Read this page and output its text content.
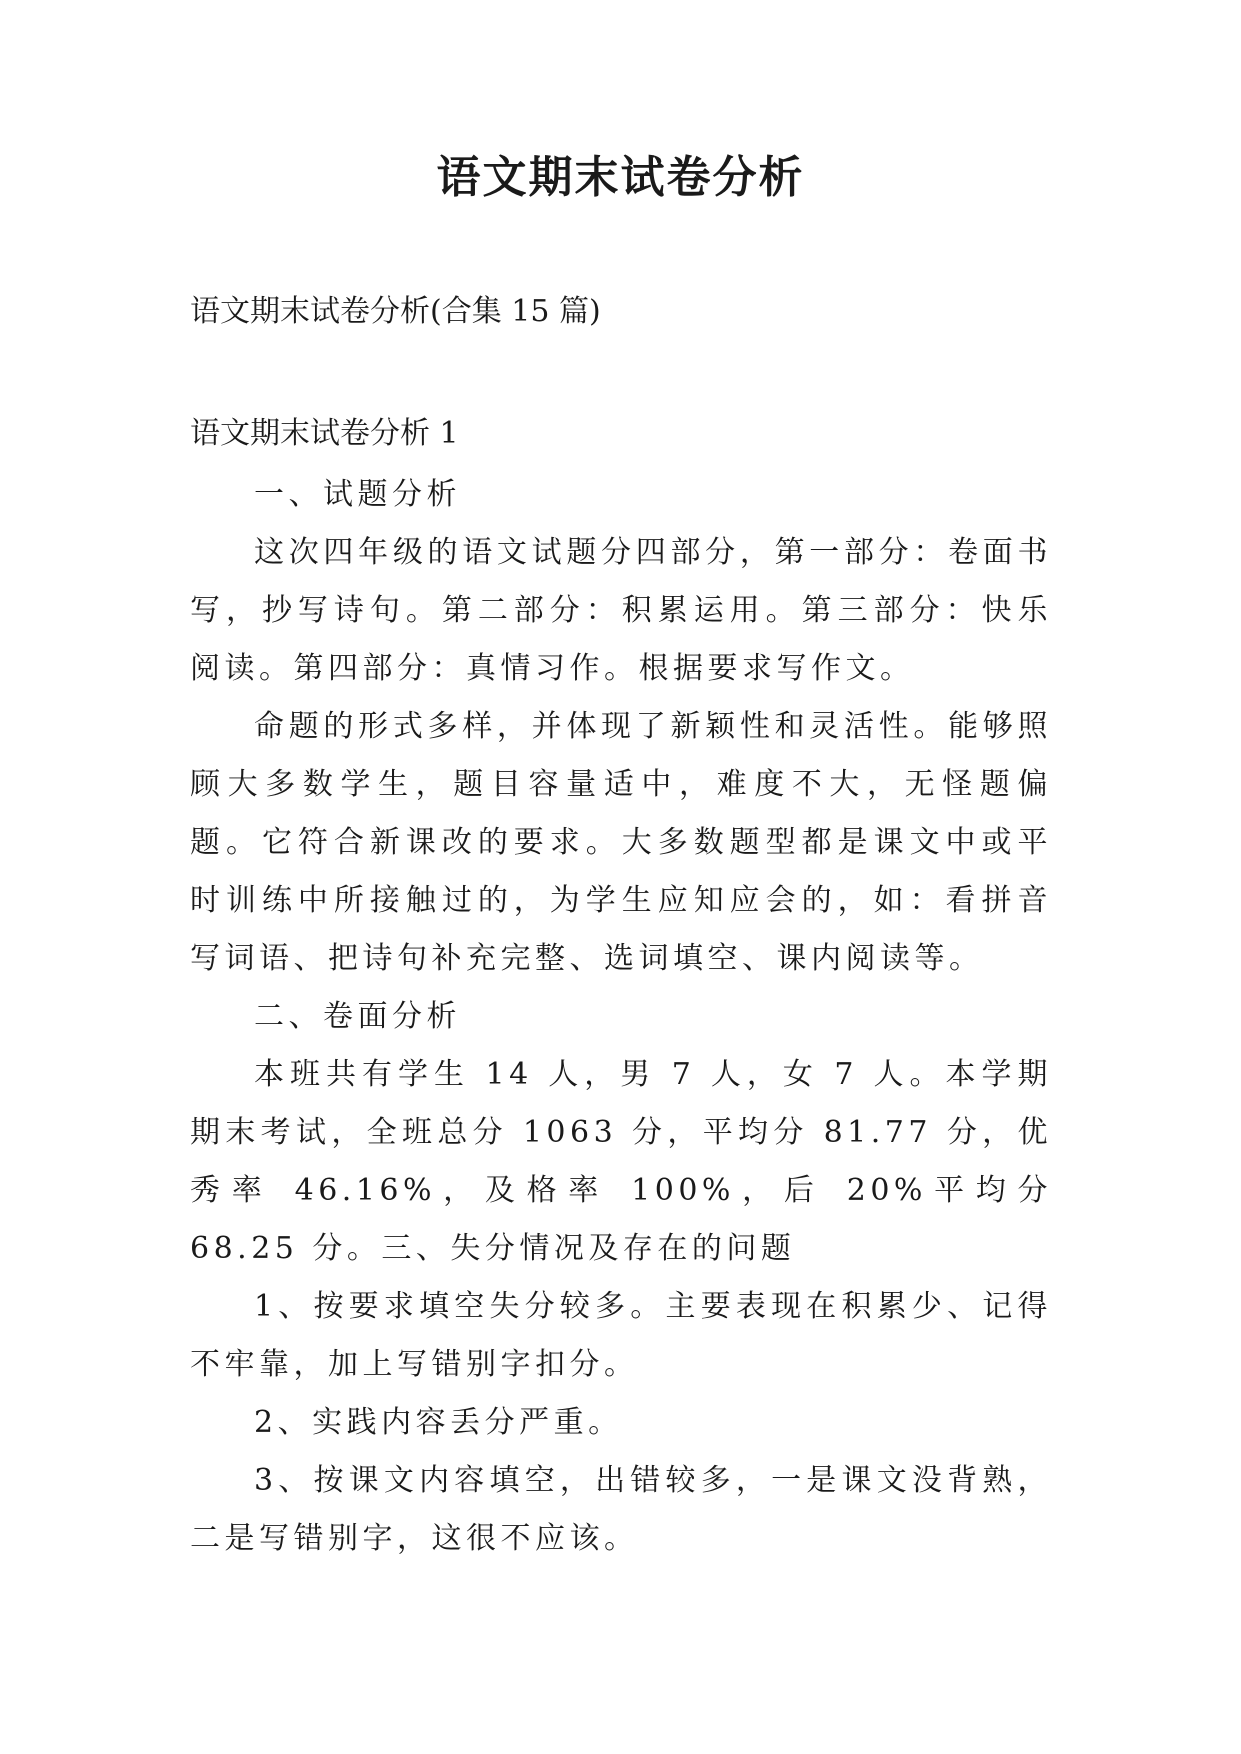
语文期末试卷分析

语文期末试卷分析(合集 15 篇)

语文期末试卷分析 1

一、试题分析

这次四年级的语文试题分四部分，第一部分：卷面书写，抄写诗句。第二部分：积累运用。第三部分：快乐阅读。第四部分：真情习作。根据要求写作文。

命题的形式多样，并体现了新颖性和灵活性。能够照顾大多数学生，题目容量适中，难度不大，无怪题偏题。它符合新课改的要求。大多数题型都是课文中或平时训练中所接触过的，为学生应知应会的，如：看拼音写词语、把诗句补充完整、选词填空、课内阅读等。

二、卷面分析

本班共有学生 14 人，男 7 人，女 7 人。本学期期末考试，全班总分 1063 分，平均分 81.77 分，优秀率 46.16%，及格率 100%，后 20%平均分 68.25 分。三、失分情况及存在的问题

1、按要求填空失分较多。主要表现在积累少、记得不牢靠，加上写错别字扣分。

2、实践内容丢分严重。

3、按课文内容填空，出错较多，一是课文没背熟，二是写错别字，这很不应该。
